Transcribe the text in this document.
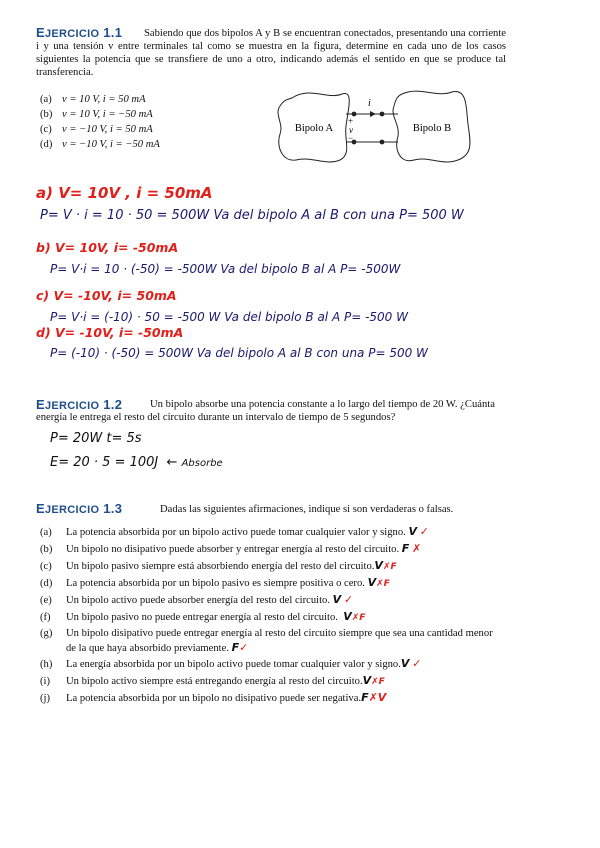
EJERCICIO 1.1	Sabiendo que dos bipolos A y B se encuentran conectados, presentando una corriente i y una tensión v entre terminales tal como se muestra en la figura, determine en cada uno de los casos siguientes la potencia que se transfiere de uno a otro, indicando además el sentido en que se produce tal transferencia.
(a) v = 10 V, i = 50 mA
(b) v = 10 V, i = −50 mA
(c) v = −10 V, i = 50 mA
(d) v = −10 V, i = −50 mA
Bipolo A	Bipolo B
i
+
v
−
a) V= 10V , i = 50mA
P= V · i = 10 · 50 = 500W Va del bipolo A al B con una P= 500 W
b) V= 10V, i= -50mA
P= V·i = 10 · (-50) = -500W Va del bipolo B al A P= -500W
c) V= -10V, i= 50mA
P= V·i = (-10) · 50 = -500 W Va del bipolo B al A P= -500 W
d) V= -10V, i= -50mA
P= (-10) · (-50) = 500W Va del bipolo A al B con una P= 500 W
EJERCICIO 1.2	Un bipolo absorbe una potencia constante a lo largo del tiempo de 20 W. ¿Cuánta
energía le entrega el resto del circuito durante un intervalo de tiempo de 5 segundos?
P= 20W t= 5s
E= 20 · 5 = 100J ← Absorbe
EJERCICIO 1.3	Dadas las siguientes afirmaciones, indique si son verdaderas o falsas.
(a) La potencia absorbida por un bipolo activo puede tomar cualquier valor y signo. V ✓
(b) Un bipolo no disipativo puede absorber y entregar energía al resto del circuito. F ✗
(c) Un bipolo pasivo siempre está absorbiendo energía del resto del circuito.V✗F
(d) La potencia absorbida por un bipolo pasivo es siempre positiva o cero. V✗F
(e) Un bipolo activo puede absorber energía del resto del circuito. V ✓
(f) Un bipolo pasivo no puede entregar energía al resto del circuito. V✗F
(g) Un bipolo disipativo puede entregar energía al resto del circuito siempre que sea una cantidad menor
de la que haya absorbido previamente. F✓
(h) La energía absorbida por un bipolo activo puede tomar cualquier valor y signo.V ✓
(i) Un bipolo activo siempre está entregando energía al resto del circuito.V✗F
(j) La potencia absorbida por un bipolo no disipativo puede ser negativa.F✗V
